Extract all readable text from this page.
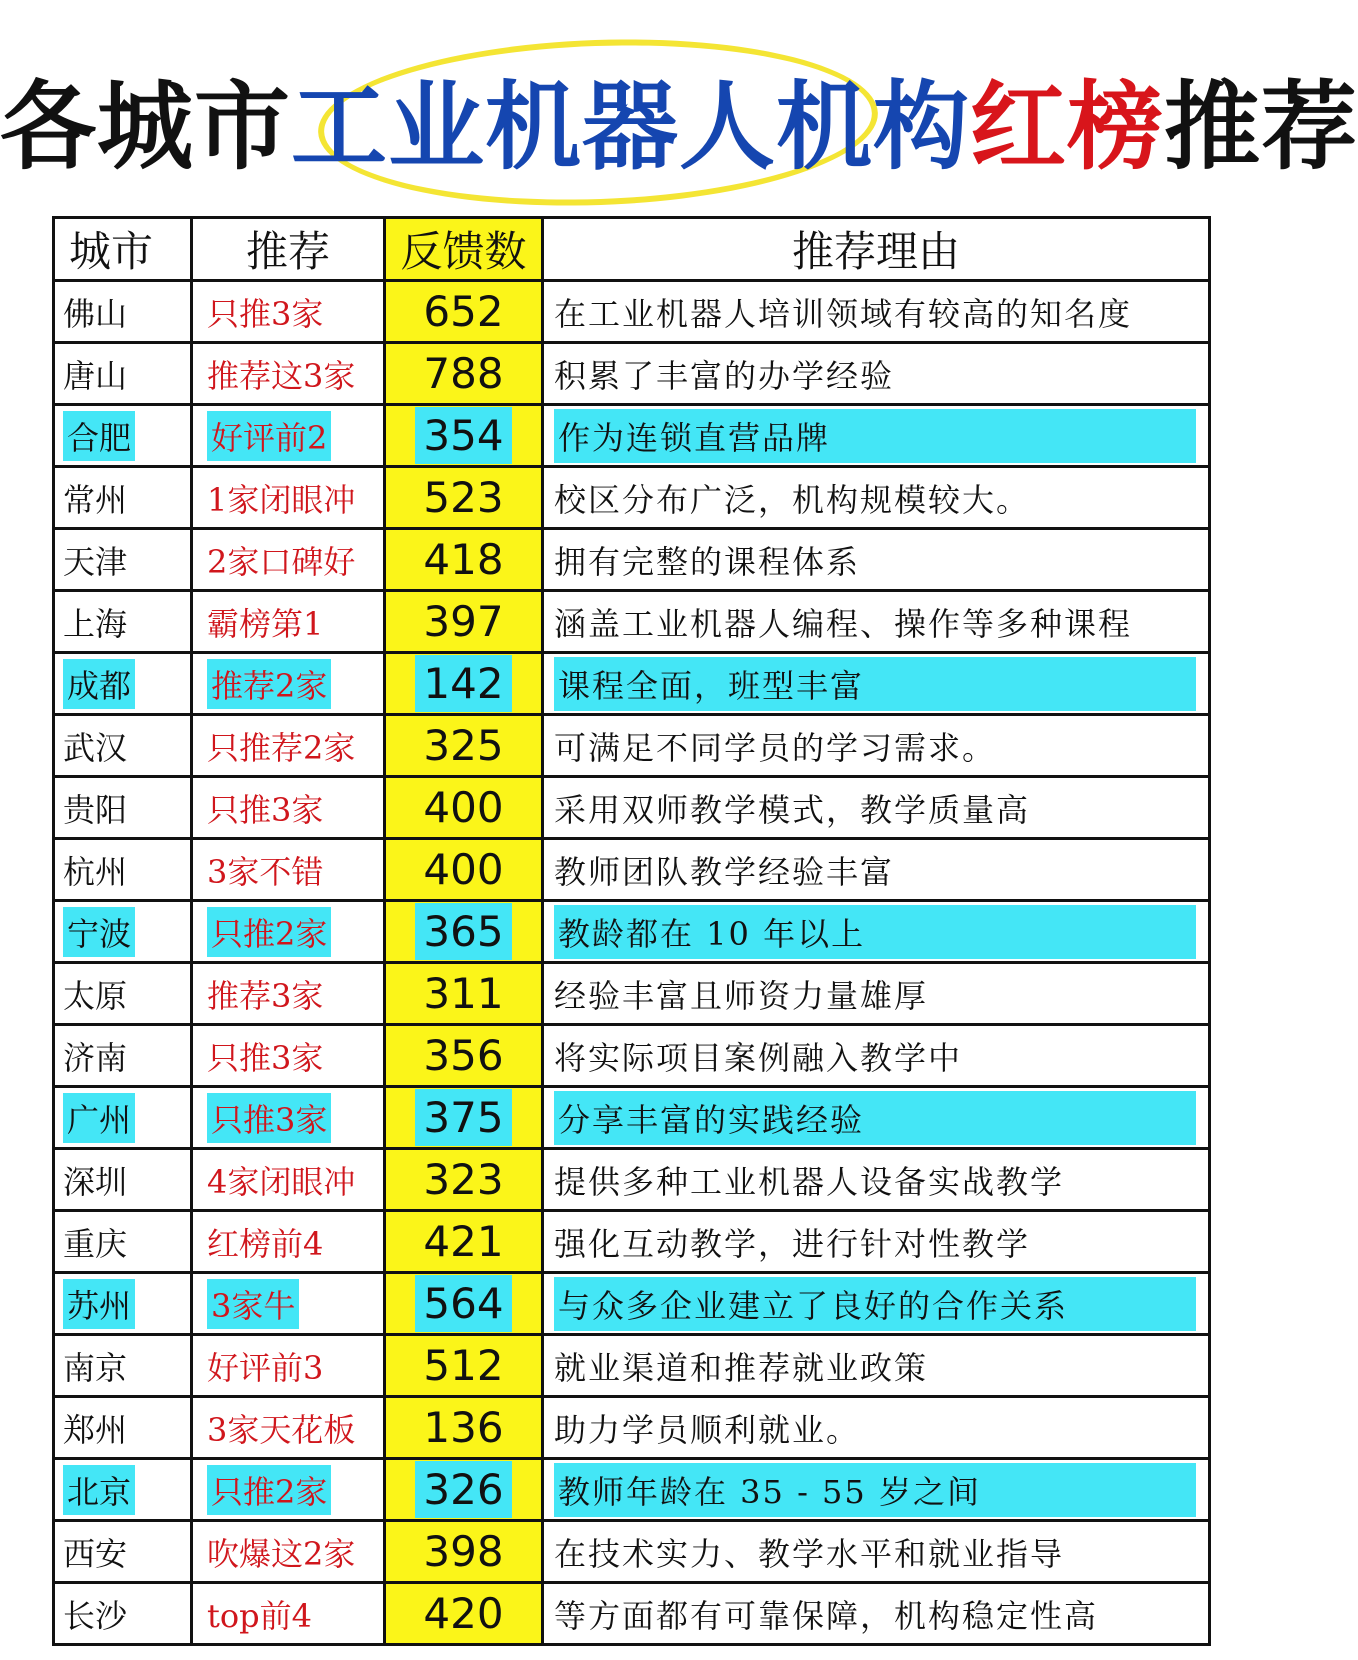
各城市工业机器人机构红榜推荐
城市	推荐	反馈数	推荐理由
佛山	只推3家	652	在工业机器人培训领域有较高的知名度
唐山	推荐这3家	788	积累了丰富的办学经验
合肥	好评前2	354	作为连锁直营品牌

常州	1家闭眼冲	523	校区分布广泛，机构规模较大。
天津	2家口碑好	418	拥有完整的课程体系
上海	霸榜第1	397	涵盖工业机器人编程、操作等多种课程
成都	推荐2家	142	课程全面，班型丰富

武汉	只推荐2家	325	可满足不同学员的学习需求。
贵阳	只推3家	400	采用双师教学模式，教学质量高
杭州	3家不错	400	教师团队教学经验丰富
宁波	只推2家	365	教龄都在 10 年以上

太原	推荐3家	311	经验丰富且师资力量雄厚
济南	只推3家	356	将实际项目案例融入教学中
广州	只推3家	375	分享丰富的实践经验

深圳	4家闭眼冲	323	提供多种工业机器人设备实战教学
重庆	红榜前4	421	强化互动教学，进行针对性教学
苏州	3家牛	564	与众多企业建立了良好的合作关系

南京	好评前3	512	就业渠道和推荐就业政策
郑州	3家天花板	136	助力学员顺利就业。
北京	只推2家	326	教师年龄在 35 - 55 岁之间

西安	吹爆这2家	398	在技术实力、教学水平和就业指导
长沙	top前4	420	等方面都有可靠保障，机构稳定性高
